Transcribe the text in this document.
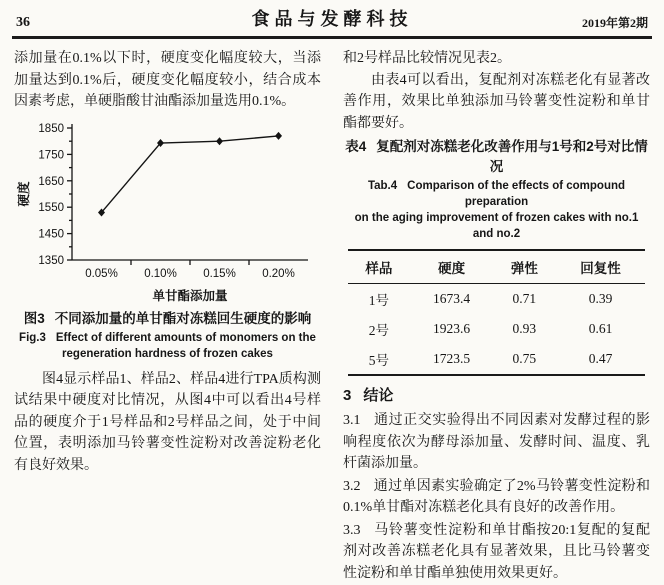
36	食品与发酵科技	2019年第2期

添加量在0.1%以下时，硬度变化幅度较大，当添加量达到0.1%后，硬度变化幅度较小，结合成本因素考虑，单硬脂酸甘油酯添加量选用0.1%。

1350
1450
1550
1650
1750
1850
0.05% 0.10% 0.15% 0.20%
单甘酯添加量
硬度
图3 不同添加量的单甘酯对冻糕回生硬度的影响
Fig.3 Effect of different amounts of monomers on the
regeneration hardness of frozen cakes

图4显示样品1、样品2、样品4进行TPA质构测试结果中硬度对比情况，从图4中可以看出4号样品的硬度介于1号样品和2号样品之间，处于中间位置，表明添加马铃薯变性淀粉对改善淀粉老化有良好效果。

和2号样品比较情况见表2。

由表4可以看出，复配剂对冻糕老化有显著改善作用，效果比单独添加马铃薯变性淀粉和单甘酯都要好。

表4 复配剂对冻糕老化改善作用与1号和2号对比情况
Tab.4 Comparison of the effects of compound preparation
on the aging improvement of frozen cakes with no.1
and no.2
样品	硬度	弹性	回复性
1号	1673.4	0.71	0.39
2号	1923.6	0.93	0.61
5号	1723.5	0.75	0.47
3 结论

3.1 通过正交实验得出不同因素对发酵过程的影响程度依次为酵母添加量、发酵时间、温度、乳杆菌添加量。

3.2 通过单因素实验确定了2%马铃薯变性淀粉和0.1%单甘酯对冻糕老化具有良好的改善作用。

3.3 马铃薯变性淀粉和单甘酯按20:1复配的复配剂对改善冻糕老化具有显著效果，且比马铃薯变性淀粉和单甘酯单独使用效果更好。
